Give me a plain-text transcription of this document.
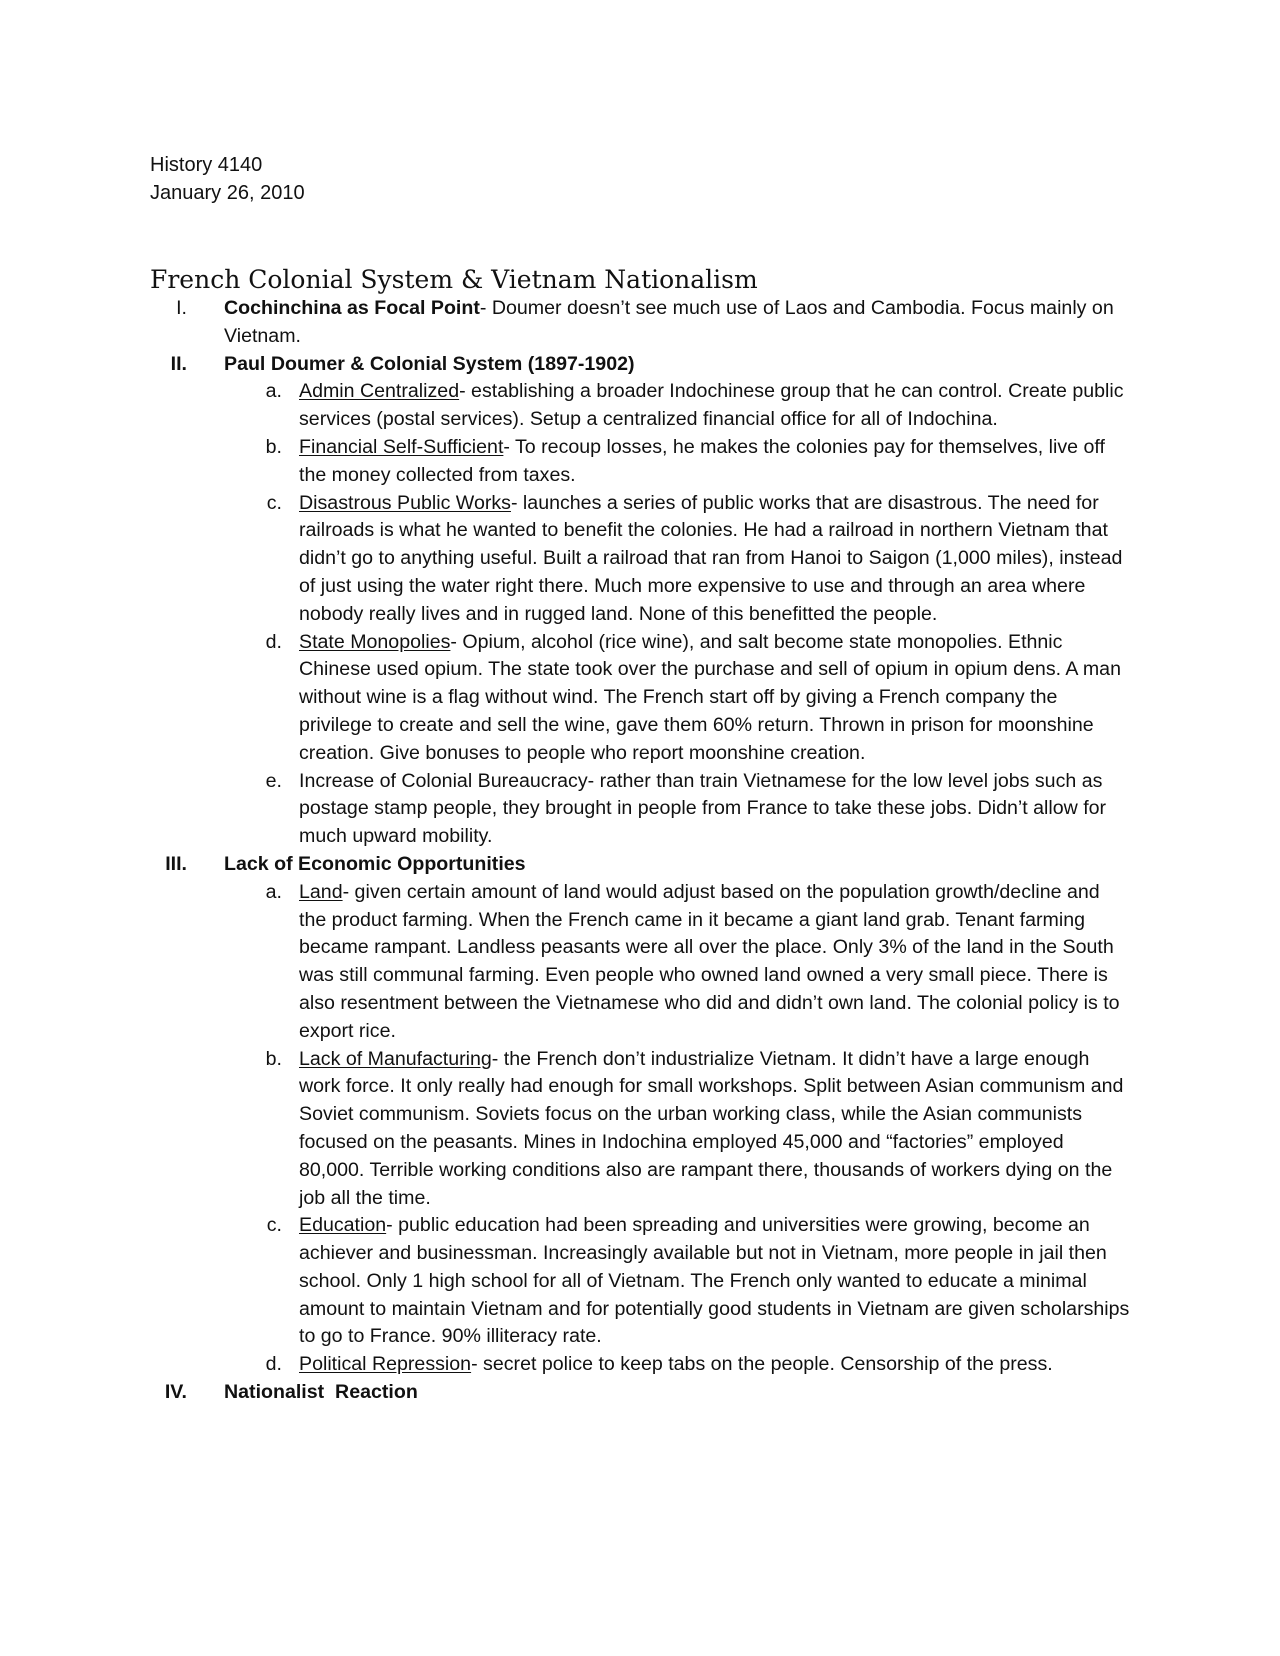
History 4140
January 26, 2010
French Colonial System & Vietnam Nationalism
I. Cochinchina as Focal Point- Doumer doesn’t see much use of Laos and Cambodia. Focus mainly on Vietnam.
II. Paul Doumer & Colonial System (1897-1902)
a. Admin Centralized- establishing a broader Indochinese group that he can control. Create public services (postal services). Setup a centralized financial office for all of Indochina.
b. Financial Self-Sufficient- To recoup losses, he makes the colonies pay for themselves, live off the money collected from taxes.
c. Disastrous Public Works- launches a series of public works that are disastrous. The need for railroads is what he wanted to benefit the colonies. He had a railroad in northern Vietnam that didn’t go to anything useful. Built a railroad that ran from Hanoi to Saigon (1,000 miles), instead of just using the water right there. Much more expensive to use and through an area where nobody really lives and in rugged land. None of this benefitted the people.
d. State Monopolies- Opium, alcohol (rice wine), and salt become state monopolies. Ethnic Chinese used opium. The state took over the purchase and sell of opium in opium dens. A man without wine is a flag without wind. The French start off by giving a French company the privilege to create and sell the wine, gave them 60% return. Thrown in prison for moonshine creation. Give bonuses to people who report moonshine creation.
e. Increase of Colonial Bureaucracy- rather than train Vietnamese for the low level jobs such as postage stamp people, they brought in people from France to take these jobs. Didn’t allow for much upward mobility.
III. Lack of Economic Opportunities
a. Land- given certain amount of land would adjust based on the population growth/decline and the product farming. When the French came in it became a giant land grab. Tenant farming became rampant. Landless peasants were all over the place. Only 3% of the land in the South was still communal farming. Even people who owned land owned a very small piece. There is also resentment between the Vietnamese who did and didn’t own land. The colonial policy is to export rice.
b. Lack of Manufacturing- the French don’t industrialize Vietnam. It didn’t have a large enough work force. It only really had enough for small workshops. Split between Asian communism and Soviet communism. Soviets focus on the urban working class, while the Asian communists focused on the peasants. Mines in Indochina employed 45,000 and “factories” employed 80,000. Terrible working conditions also are rampant there, thousands of workers dying on the job all the time.
c. Education- public education had been spreading and universities were growing, become an achiever and businessman. Increasingly available but not in Vietnam, more people in jail then school. Only 1 high school for all of Vietnam. The French only wanted to educate a minimal amount to maintain Vietnam and for potentially good students in Vietnam are given scholarships to go to France. 90% illiteracy rate.
d. Political Repression- secret police to keep tabs on the people. Censorship of the press.
IV. Nationalist  Reaction
